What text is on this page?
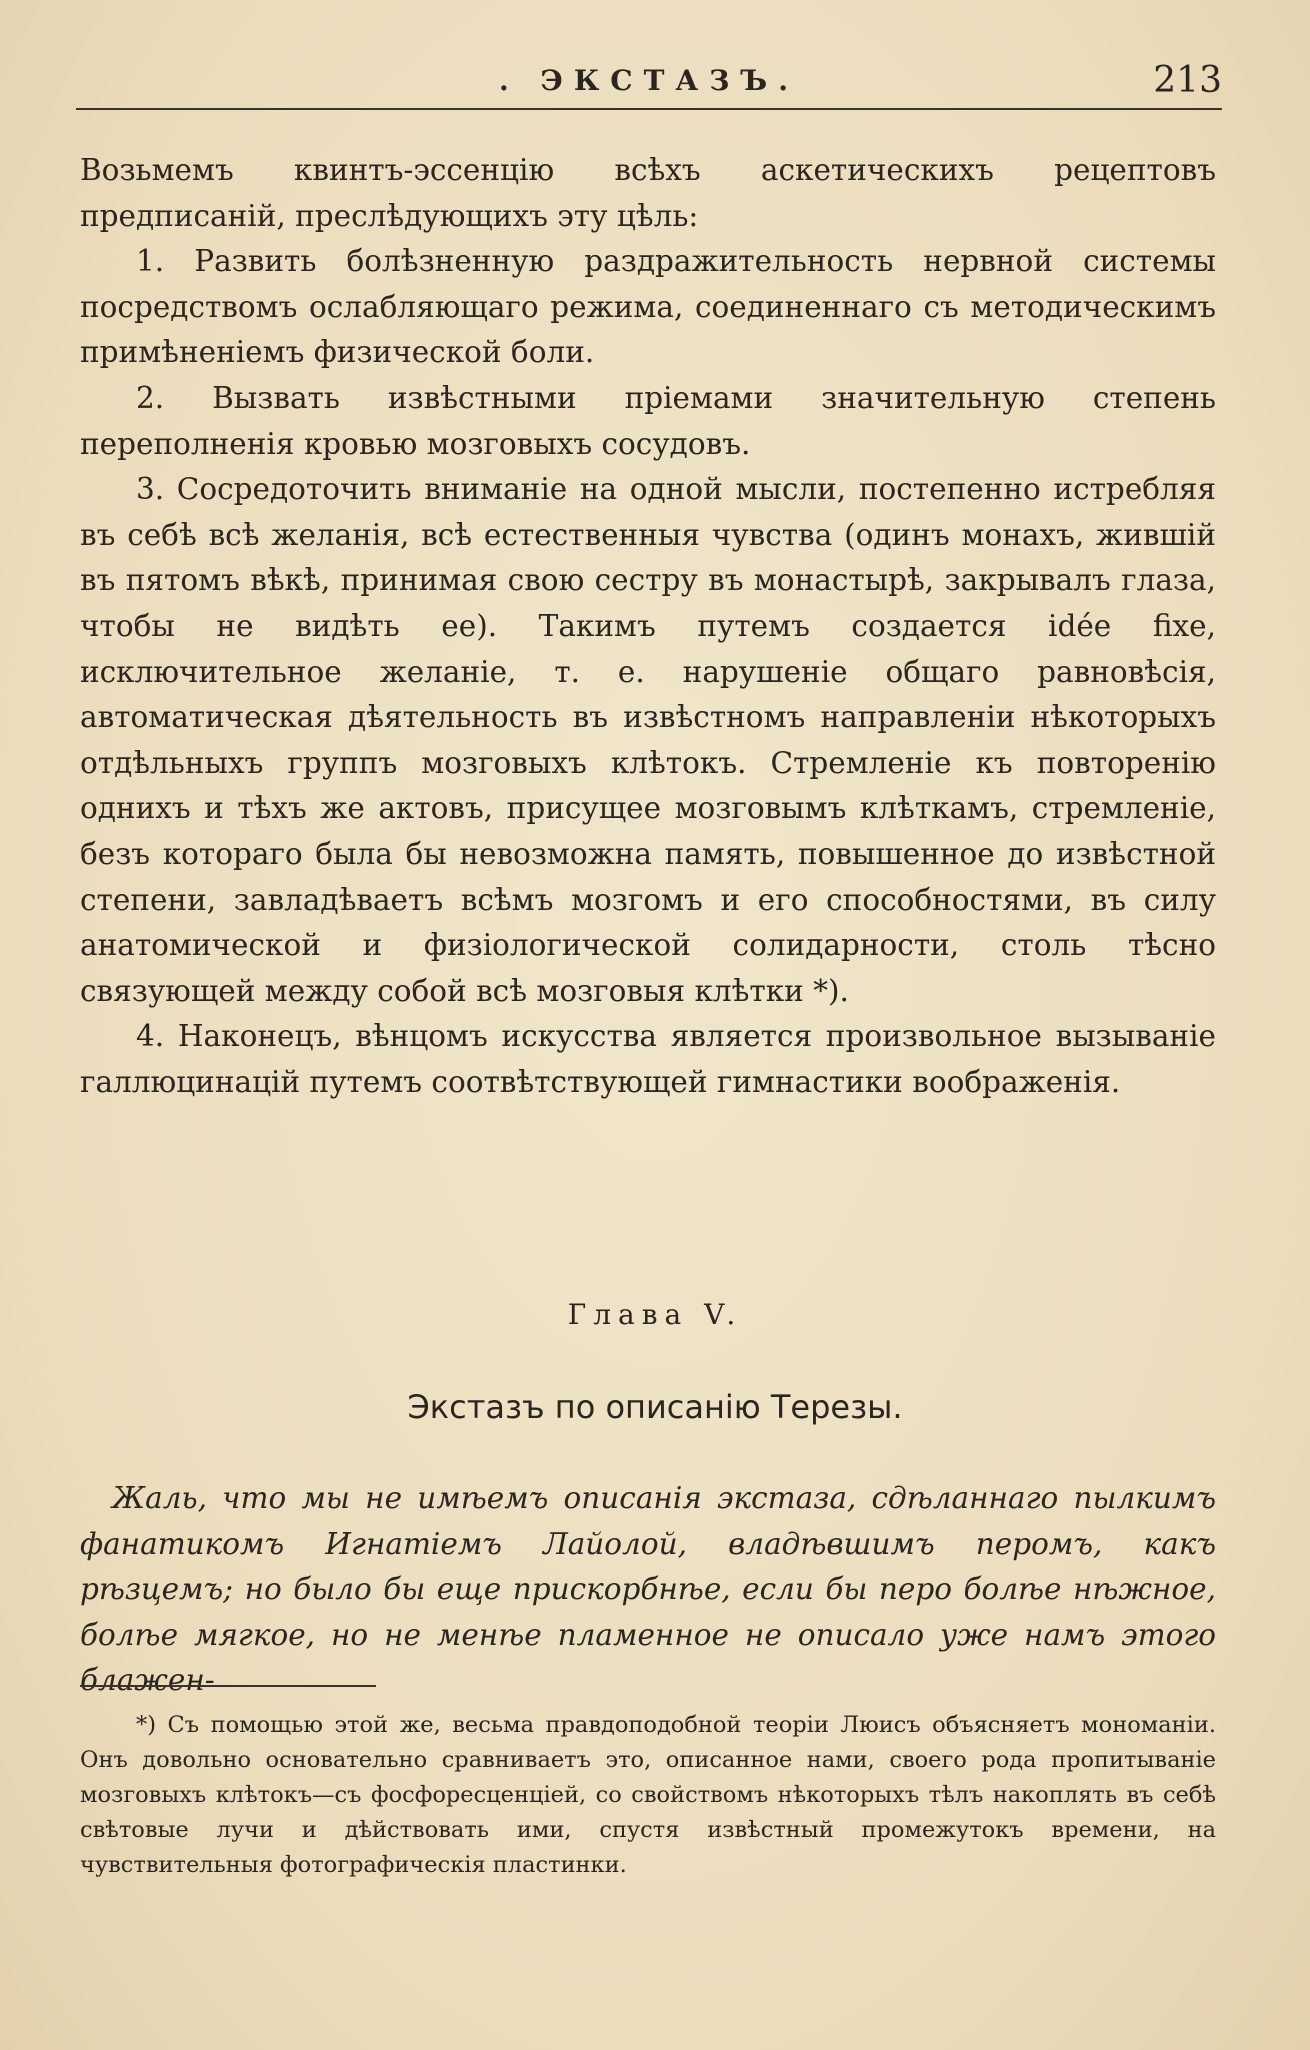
. ЭКСТАЗЪ.	213

Возьмемъ квинтъ-эссенцію всѣхъ аскетическихъ рецептовъ предписаній, преслѣдующихъ эту цѣль:

1. Развить болѣзненную раздражительность нервной системы посредствомъ ослабляющаго режима, соединеннаго съ методическимъ примѣненіемъ физической боли.

2. Вызвать извѣстными пріемами значительную степень переполненія кровью мозговыхъ сосудовъ.

3. Сосредоточить вниманіе на одной мысли, постепенно истребляя въ себѣ всѣ желанія, всѣ естественныя чувства (одинъ монахъ, жившій въ пятомъ вѣкѣ, принимая свою сестру въ монастырѣ, закрывалъ глаза, чтобы не видѣть ее). Такимъ путемъ создается idée fixe, исключительное желаніе, т. е. нарушеніе общаго равновѣсія, автоматическая дѣятельность въ извѣстномъ направленіи нѣкоторыхъ отдѣльныхъ группъ мозговыхъ клѣтокъ. Стремленіе къ повторенію однихъ и тѣхъ же актовъ, присущее мозговымъ клѣткамъ, стремленіе, безъ котораго была бы невозможна память, повышенное до извѣстной степени, завладѣваетъ всѣмъ мозгомъ и его способностями, въ силу анатомической и физіологической солидарности, столь тѣсно связующей между собой всѣ мозговыя клѣтки *).

4. Наконецъ, вѣнцомъ искусства является произвольное вызываніе галлюцинацій путемъ соотвѣтствующей гимнастики воображенія.

Глава V.
Экстазъ по описанію Терезы.

Жаль, что мы не имѣемъ описанія экстаза, сдѣланнаго пылкимъ фанатикомъ Игнатіемъ Лайолой, владѣвшимъ перомъ, какъ рѣзцемъ; но было бы еще прискорбнѣе, если бы перо болѣе нѣжное, болѣе мягкое, но не менѣе пламенное не описало уже намъ этого блажен-

*) Съ помощью этой же, весьма правдоподобной теоріи Люисъ объясняетъ мономаніи. Онъ довольно основательно сравниваетъ это, описанное нами, своего рода пропитываніе мозговыхъ клѣтокъ—съ фосфоресценціей, со свойствомъ нѣкоторыхъ тѣлъ накоплять въ себѣ свѣтовые лучи и дѣйствовать ими, спустя извѣстный промежутокъ времени, на чувствительныя фотографическія пластинки.
